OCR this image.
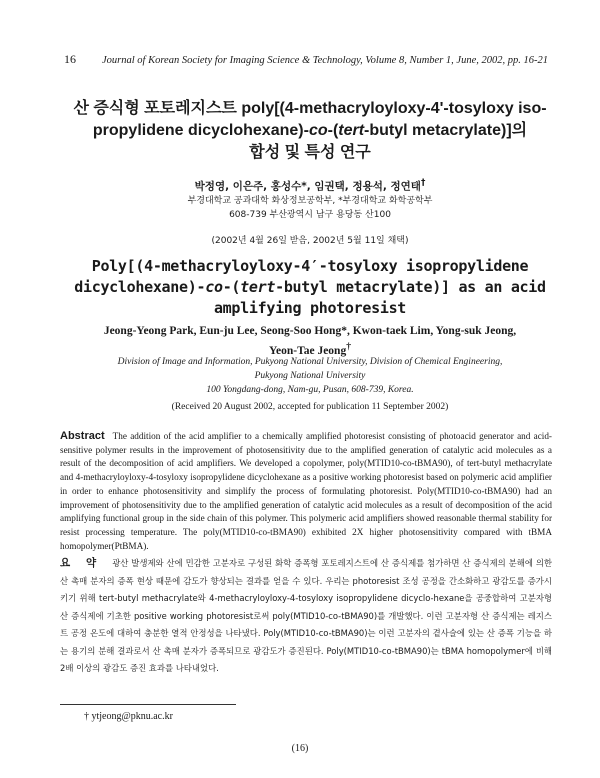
16 Journal of Korean Society for Imaging Science & Technology, Volume 8, Number 1, June, 2002, pp. 16-21
산 증식형 포토레지스트 poly[(4-methacryloyloxy-4'-tosyloxy iso-
propylidene dicyclohexane)-co-(tert-butyl metacrylate)]의
합성 및 특성 연구
박정영, 이은주, 홍성수*, 임권택, 정용석, 정연태†
부경대학교 공과대학 화상정보공학부, *부경대학교 화학공학부
608-739 부산광역시 남구 용당동 산100
(2002년 4월 26일 받음, 2002년 5월 11일 채택)
Poly[(4-methacryloyloxy-4′-tosyloxy isopropylidene
dicyclohexane)-co-(tert-butyl metacrylate)] as an acid
amplifying photoresist
Jeong-Yeong Park, Eun-ju Lee, Seong-Soo Hong*, Kwon-taek Lim, Yong-suk Jeong,
Yeon-Tae Jeong†
Division of Image and Information, Pukyong National University, Division of Chemical Engineering,
Pukyong National University
100 Yongdang-dong, Nam-gu, Pusan, 608-739, Korea.
(Received 20 August 2002, accepted for publication 11 September 2002)
Abstract The addition of the acid amplifier to a chemically amplified photoresist consisting of photoacid generator and acid-sensitive polymer results in the improvement of photosensitivity due to the amplified generation of catalytic acid molecules as a result of the decomposition of acid amplifiers. We developed a copolymer, poly(MTID10-co-tBMA90), of tert-butyl methacrylate and 4-methacryloyloxy-4-tosyloxy isopropylidene dicyclohexane as a positive working photoresist based on polymeric acid amplifier in order to enhance photosensitivity and simplify the process of formulating photoresist. Poly(MTID10-co-tBMA90) had an improvement of photosensitivity due to the amplified generation of catalytic acid molecules as a result of decomposition of the acid amplifying functional group in the side chain of this polymer. This polymeric acid amplifiers showed reasonable thermal stability for resist processing temperature. The poly(MTID10-co-tBMA90) exhibited 2X higher photosensitivity compared with tBMA homopolymer(PtBMA).
요 약 광산 발생제와 산에 민감한 고분자로 구성된 화학 증폭형 포토레지스트에 산 증식제를 첨가하면 산 증식제의 분해에 의한 산 촉매 분자의 증폭 현상 때문에 감도가 향상되는 결과를 얻을 수 있다. 우리는 photoresist 조성 공정을 간소화하고 광감도를 증가시키기 위해 tert-butyl methacrylate와 4-methacryloyloxy-4-tosyloxy isopropylidene dicyclo-hexane을 공중합하여 고분자형 산 증식제에 기초한 positive working photoresist로써 poly(MTID10-co-tBMA90)를 개발했다. 이런 고분자형 산 증식제는 레지스트 공정 온도에 대하여 충분한 열적 안정성을 나타냈다. Poly(MTID10-co-tBMA90)는 이런 고분자의 곁사슬에 있는 산 증폭 기능을 하는 용기의 분해 결과로서 산 촉매 분자가 증폭되므로 광감도가 증진된다. Poly(MTID10-co-tBMA90)는 tBMA homopolymer에 비해 2배 이상의 광감도 증진 효과를 나타내었다.
† ytjeong@pknu.ac.kr
(16)
